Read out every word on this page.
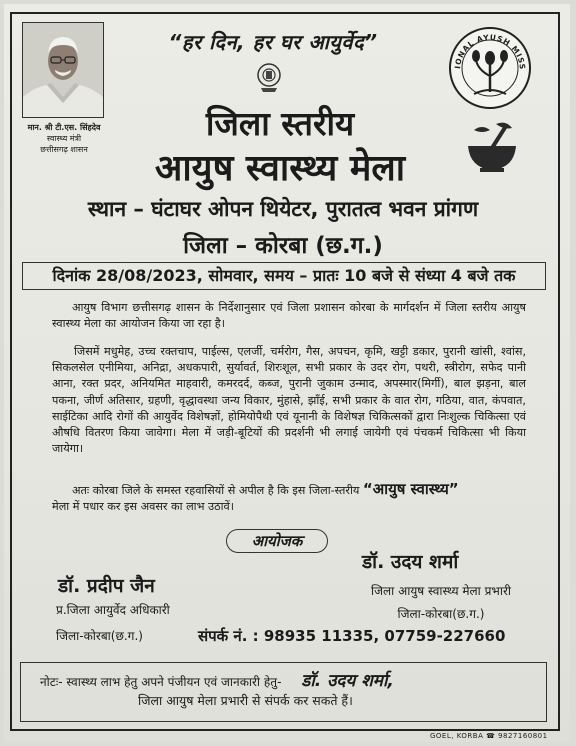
मान. श्री टी.एस. सिंहदेव
स्वास्थ्य मंत्री
छत्तीसगढ़ शासन
“हर दिन, हर घर आयुर्वेद”
IONAL AYUSH MISS
जिला स्तरीय
आयुष स्वास्थ्य मेला
स्थान – घंटाघर ओपन थियेटर, पुरातत्व भवन प्रांगण
जिला – कोरबा (छ.ग.)
दिनांक 28/08/2023, सोमवार, समय – प्रातः 10 बजे से संध्या 4 बजे तक
आयुष विभाग छत्तीसगढ़ शासन के निर्देशानुसार एवं जिला प्रशासन कोरबा के मार्गदर्शन में जिला स्तरीय आयुष स्वास्थ्य मेला का आयोजन किया जा रहा है।
जिसमें मधुमेह, उच्च रक्तचाप, पाईल्स, एलर्जी, चर्मरोग, गैस, अपचन, कृमि, खट्टी डकार, पुरानी खांसी, श्वांस, सिकलसेल एनीमिया, अनिद्रा, अधकपारी, सुर्यावर्त, शिरःशूल, सभी प्रकार के उदर रोग, पथरी, स्त्रीरोग, सफेद पानी आना, रक्त प्रदर, अनियमित माहवारी, कमरदर्द, कब्ज, पुरानी जुकाम उन्माद, अपस्मार(मिर्गी), बाल झड़ना, बाल पकना, जीर्ण अतिसार, ग्रहणी, वृद्धावस्था जन्य विकार, मुंहासे, झाँई, सभी प्रकार के वात रोग, गठिया, वात, कंपवात, साईटिका आदि रोगों की आयुर्वेद विशेषज्ञों, होमियोपैथी एवं यूनानी के विशेषज्ञ चिकित्सकों द्वारा निःशुल्क चिकित्सा एवं औषधि वितरण किया जावेगा। मेला में जड़ी-बूटियों की प्रदर्शनी भी लगाई जायेगी एवं पंचकर्म चिकित्सा भी किया जायेगा।
अतः कोरबा जिले के समस्त रहवासियों से अपील है कि इस जिला-स्तरीय “आयुष स्वास्थ्य”
मेला में पधार कर इस अवसर का लाभ उठावें।
आयोजक
डॉ. प्रदीप जैन
प्र.जिला आयुर्वेद अधिकारी
जिला-कोरबा(छ.ग.)
डॉ. उदय शर्मा
जिला आयुष स्वास्थ्य मेला प्रभारी
जिला-कोरबा(छ.ग.)
संपर्क नं. : 98935 11335, 07759-227660
नोटः- स्वास्थ्य लाभ हेतु अपने पंजीयन एवं जानकारी हेतु- डॉ. उदय शर्मा,
जिला आयुष मेला प्रभारी से संपर्क कर सकते हैं।
GOEL, KORBA ☎ 9827160801
